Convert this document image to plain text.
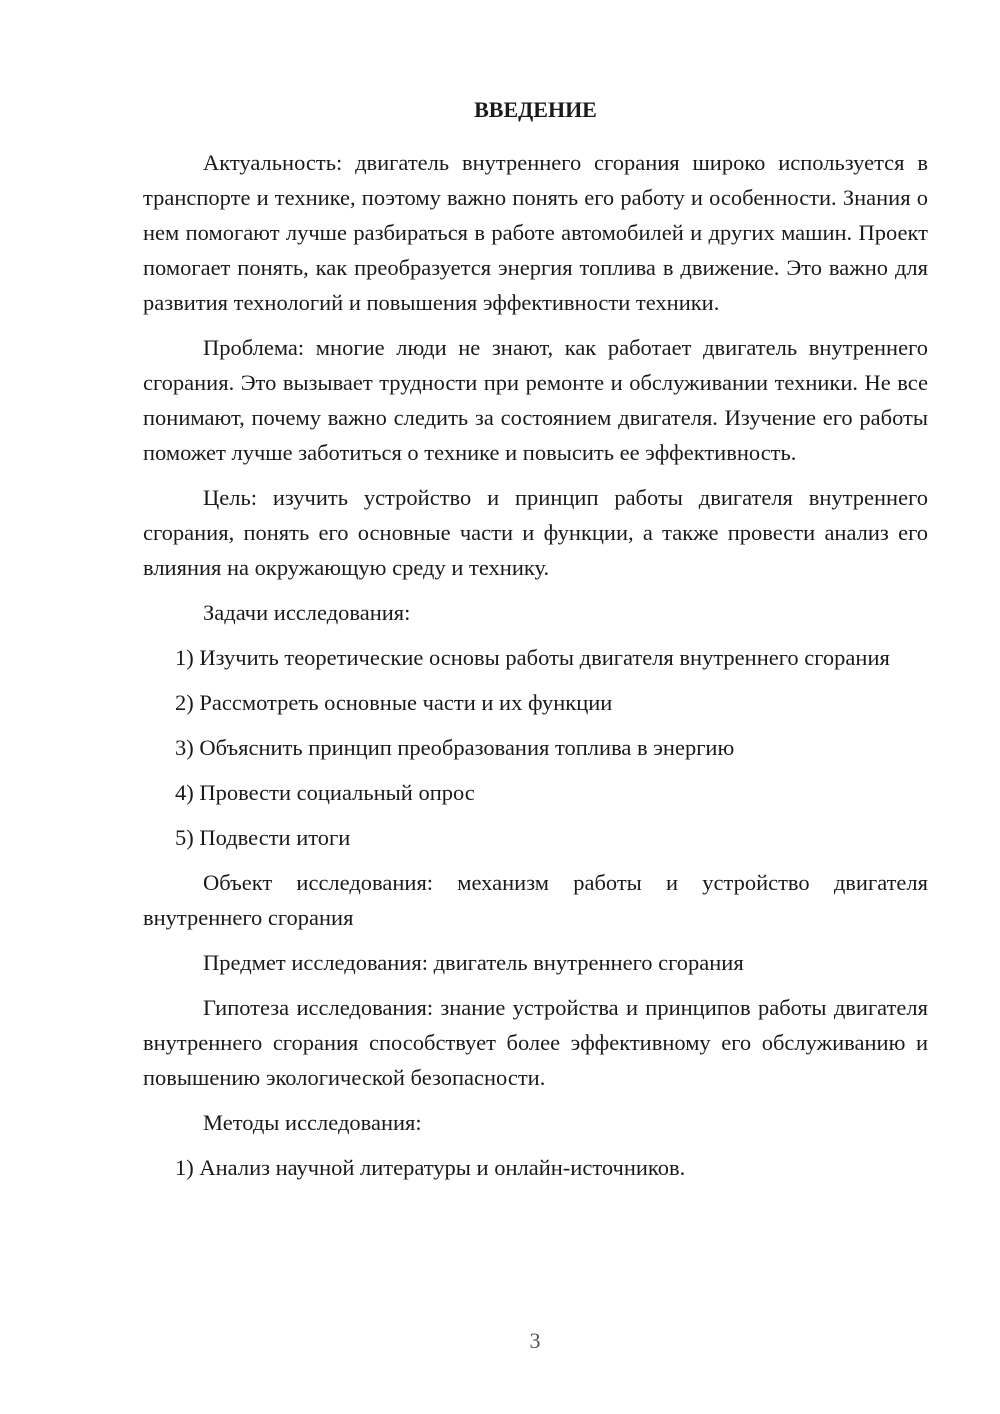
ВВЕДЕНИЕ

Актуальность: двигатель внутреннего сгорания широко используется в транспорте и технике, поэтому важно понять его работу и особенности. Знания о нем помогают лучше разбираться в работе автомобилей и других машин. Проект помогает понять, как преобразуется энергия топлива в движение. Это важно для развития технологий и повышения эффективности техники.

Проблема: многие люди не знают, как работает двигатель внутреннего сгорания. Это вызывает трудности при ремонте и обслуживании техники. Не все понимают, почему важно следить за состоянием двигателя. Изучение его работы поможет лучше заботиться о технике и повысить ее эффективность.

Цель: изучить устройство и принцип работы двигателя внутреннего сгорания, понять его основные части и функции, а также провести анализ его влияния на окружающую среду и технику.

Задачи исследования:

1) Изучить теоретические основы работы двигателя внутреннего сгорания

2) Рассмотреть основные части и их функции

3) Объяснить принцип преобразования топлива в энергию

4) Провести социальный опрос

5) Подвести итоги

Объект исследования: механизм работы и устройство двигателя внутреннего сгорания

Предмет исследования: двигатель внутреннего сгорания

Гипотеза исследования: знание устройства и принципов работы двигателя внутреннего сгорания способствует более эффективному его обслуживанию и повышению экологической безопасности.

Методы исследования:

1) Анализ научной литературы и онлайн-источников.

3
